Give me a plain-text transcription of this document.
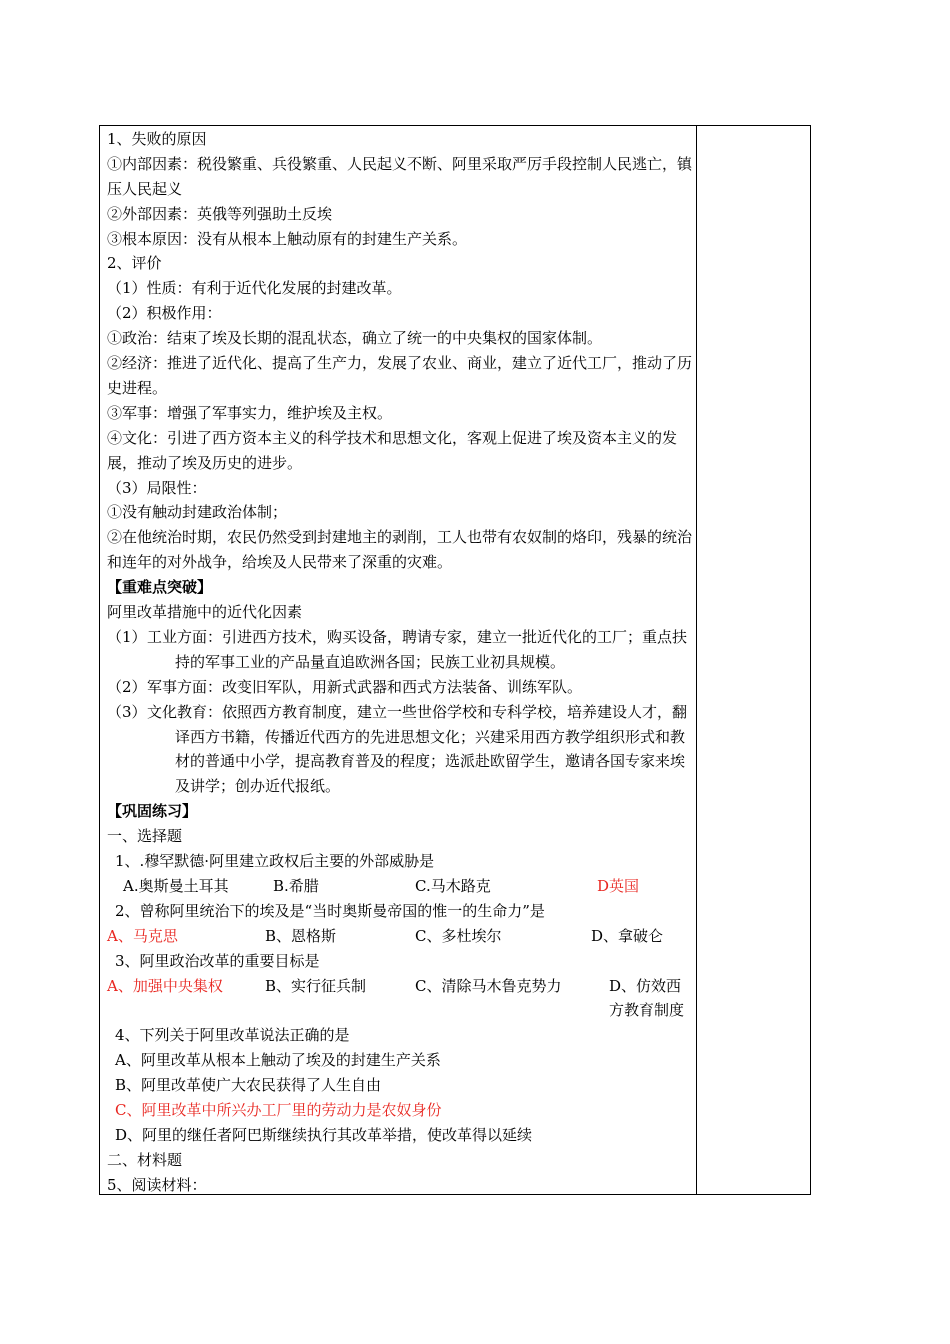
1、失败的原因
①内部因素：税役繁重、兵役繁重、人民起义不断、阿里采取严厉手段控制人民逃亡，镇压人民起义
②外部因素：英俄等列强助土反埃
③根本原因：没有从根本上触动原有的封建生产关系。
2、评价
（1）性质：有利于近代化发展的封建改革。
（2）积极作用：
①政治：结束了埃及长期的混乱状态，确立了统一的中央集权的国家体制。
②经济：推进了近代化、提高了生产力，发展了农业、商业，建立了近代工厂，推动了历史进程。
③军事：增强了军事实力，维护埃及主权。
④文化：引进了西方资本主义的科学技术和思想文化，客观上促进了埃及资本主义的发展，推动了埃及历史的进步。
（3）局限性：
①没有触动封建政治体制；
②在他统治时期，农民仍然受到封建地主的剥削，工人也带有农奴制的烙印，残暴的统治和连年的对外战争，给埃及人民带来了深重的灾难。
【重难点突破】
阿里改革措施中的近代化因素
（1） 工业方面：引进西方技术，购买设备，聘请专家，建立一批近代化的工厂；重点扶持的军事工业的产品量直追欧洲各国；民族工业初具规模。
（2） 军事方面：改变旧军队，用新式武器和西式方法装备、训练军队。
（3） 文化教育：依照西方教育制度，建立一些世俗学校和专科学校，培养建设人才，翻译西方书籍，传播近代西方的先进思想文化；兴建采用西方教学组织形式和教材的普通中小学，提高教育普及的程度；选派赴欧留学生，邀请各国专家来埃及讲学；创办近代报纸。
【巩固练习】
一、选择题
1、.穆罕默德·阿里建立政权后主要的外部威胁是
A.奥斯曼土耳其	B.希腊	C.马木路克	D英国
2、曾称阿里统治下的埃及是“当时奥斯曼帝国的惟一的生命力”是
A、马克思	B、恩格斯	C、多杜埃尔	D、拿破仑
3、阿里政治改革的重要目标是
A、加强中央集权	B、实行征兵制	C、清除马木鲁克势力	D、仿效西方教育制度
4、下列关于阿里改革说法正确的是
A、阿里改革从根本上触动了埃及的封建生产关系
B、阿里改革使广大农民获得了人生自由
C、阿里改革中所兴办工厂里的劳动力是农奴身份
D、阿里的继任者阿巴斯继续执行其改革举措，使改革得以延续
二、材料题
5、阅读材料：
